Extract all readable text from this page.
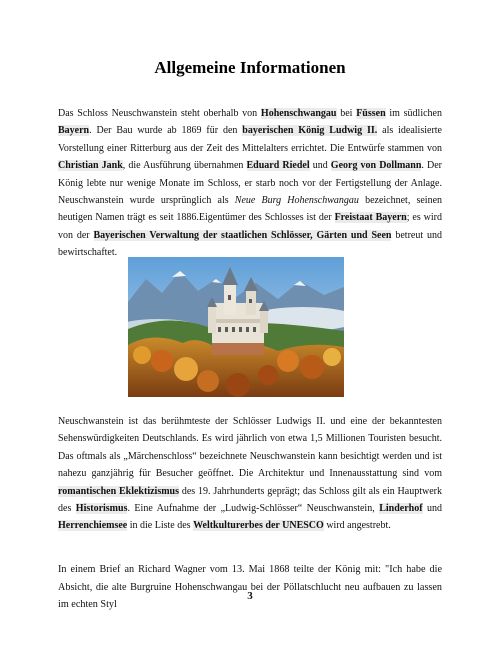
Allgemeine Informationen

Das Schloss Neuschwanstein steht oberhalb von Hohenschwangau bei Füssen im südlichen Bayern. Der Bau wurde ab 1869 für den bayerischen König Ludwig II. als idealisierte Vorstellung einer Ritterburg aus der Zeit des Mittelalters errichtet. Die Entwürfe stammen von Christian Jank, die Ausführung übernahmen Eduard Riedel und Georg von Dollmann. Der König lebte nur wenige Monate im Schloss, er starb noch vor der Fertigstellung der Anlage. Neuschwanstein wurde ursprünglich als Neue Burg Hohenschwangau bezeichnet, seinen heutigen Namen trägt es seit 1886.Eigentümer des Schlosses ist der Freistaat Bayern; es wird von der Bayerischen Verwaltung der staatlichen Schlösser, Gärten und Seen betreut und bewirtschaftet.

Neuschwanstein ist das berühmteste der Schlösser Ludwigs II. und eine der bekanntesten Sehenswürdigkeiten Deutschlands. Es wird jährlich von etwa 1,5 Millionen Touristen besucht. Das oftmals als „Märchenschloss“ bezeichnete Neuschwanstein kann besichtigt werden und ist nahezu ganzjährig für Besucher geöffnet. Die Architektur und Innenausstattung sind vom romantischen Eklektizismus des 19. Jahrhunderts geprägt; das Schloss gilt als ein Hauptwerk des Historismus. Eine Aufnahme der „Ludwig-Schlösser“ Neuschwanstein, Linderhof und Herrenchiemsee in die Liste des Weltkulturerbes der UNESCO wird angestrebt.

In einem Brief an Richard Wagner vom 13. Mai 1868 teilte der König mit: "Ich habe die Absicht, die alte Burgruine Hohenschwangau bei der Pöllatschlucht neu aufbauen zu lassen im echten Styl

3
